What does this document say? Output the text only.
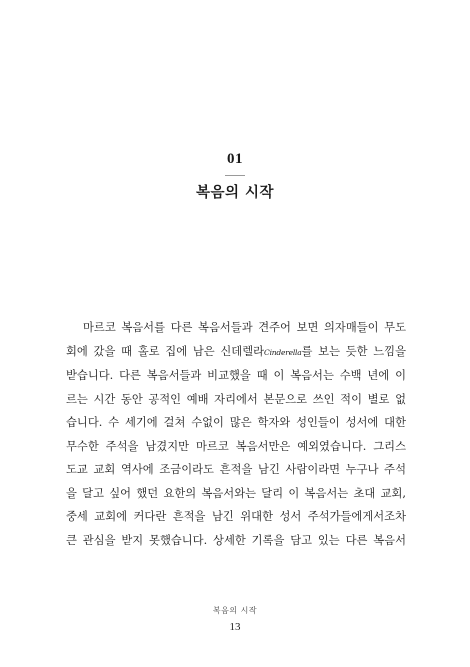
01
복음의 시작
마르코 복음서를 다른 복음서들과 견주어 보면 의자매들이 무도
회에 갔을 때 홀로 집에 남은 신데렐라Cinderella를 보는 듯한 느낌을
받습니다. 다른 복음서들과 비교했을 때 이 복음서는 수백 년에 이
르는 시간 동안 공적인 예배 자리에서 본문으로 쓰인 적이 별로 없
습니다. 수 세기에 걸쳐 수없이 많은 학자와 성인들이 성서에 대한
무수한 주석을 남겼지만 마르코 복음서만은 예외였습니다. 그리스
도교 교회 역사에 조금이라도 흔적을 남긴 사람이라면 누구나 주석
을 달고 싶어 했던 요한의 복음서와는 달리 이 복음서는 초대 교회,
중세 교회에 커다란 흔적을 남긴 위대한 성서 주석가들에게서조차
큰 관심을 받지 못했습니다. 상세한 기록을 담고 있는 다른 복음서
복음의 시작
13
